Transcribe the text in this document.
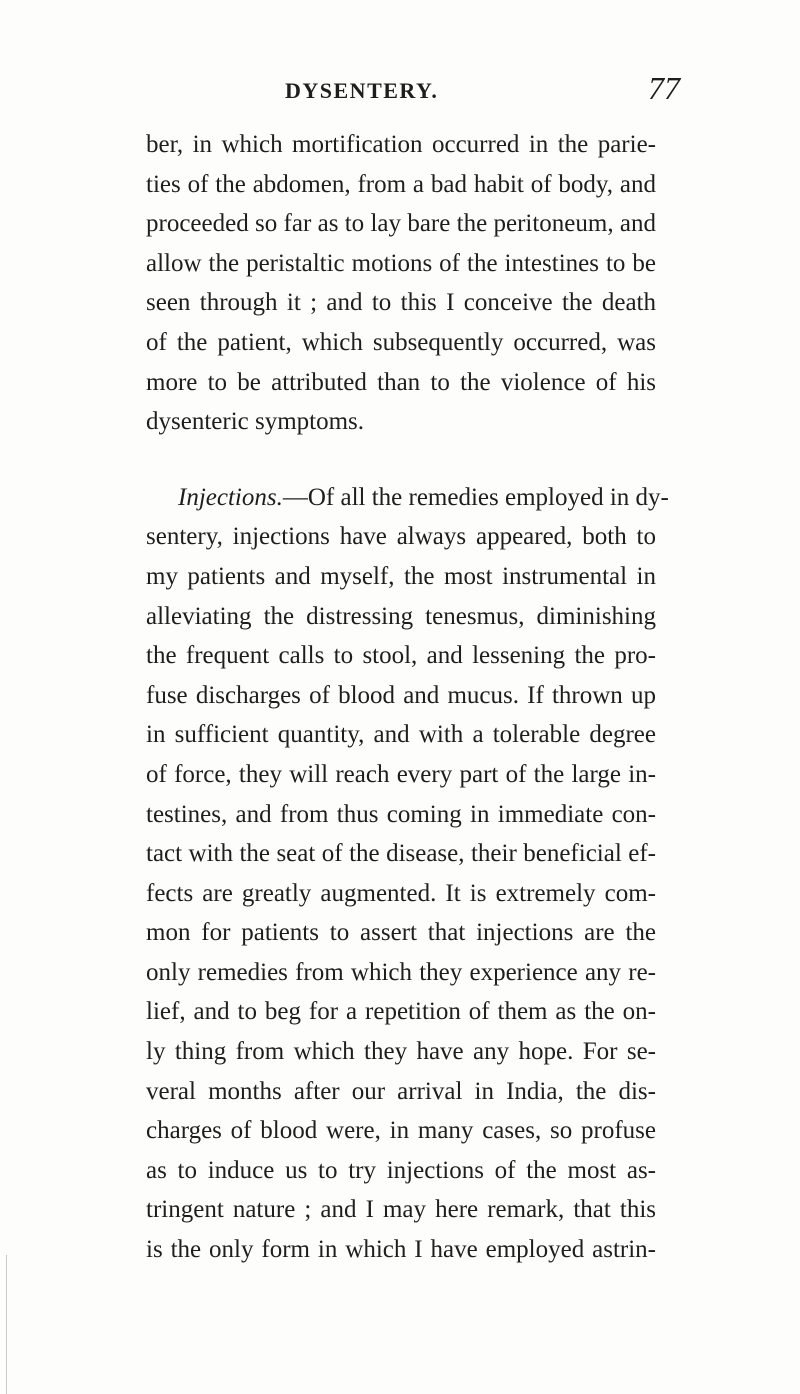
DYSENTERY.	77
ber, in which mortification occurred in the parie-
ties of the abdomen, from a bad habit of body, and
proceeded so far as to lay bare the peritoneum, and
allow the peristaltic motions of the intestines to be
seen through it ; and to this I conceive the death
of the patient, which subsequently occurred, was
more to be attributed than to the violence of his
dysenteric symptoms.
Injections.—Of all the remedies employed in dy-
sentery, injections have always appeared, both to
my patients and myself, the most instrumental in
alleviating the distressing tenesmus, diminishing
the frequent calls to stool, and lessening the pro-
fuse discharges of blood and mucus. If thrown up
in sufficient quantity, and with a tolerable degree
of force, they will reach every part of the large in-
testines, and from thus coming in immediate con-
tact with the seat of the disease, their beneficial ef-
fects are greatly augmented. It is extremely com-
mon for patients to assert that injections are the
only remedies from which they experience any re-
lief, and to beg for a repetition of them as the on-
ly thing from which they have any hope. For se-
veral months after our arrival in India, the dis-
charges of blood were, in many cases, so profuse
as to induce us to try injections of the most as-
tringent nature ; and I may here remark, that this
is the only form in which I have employed astrin-
